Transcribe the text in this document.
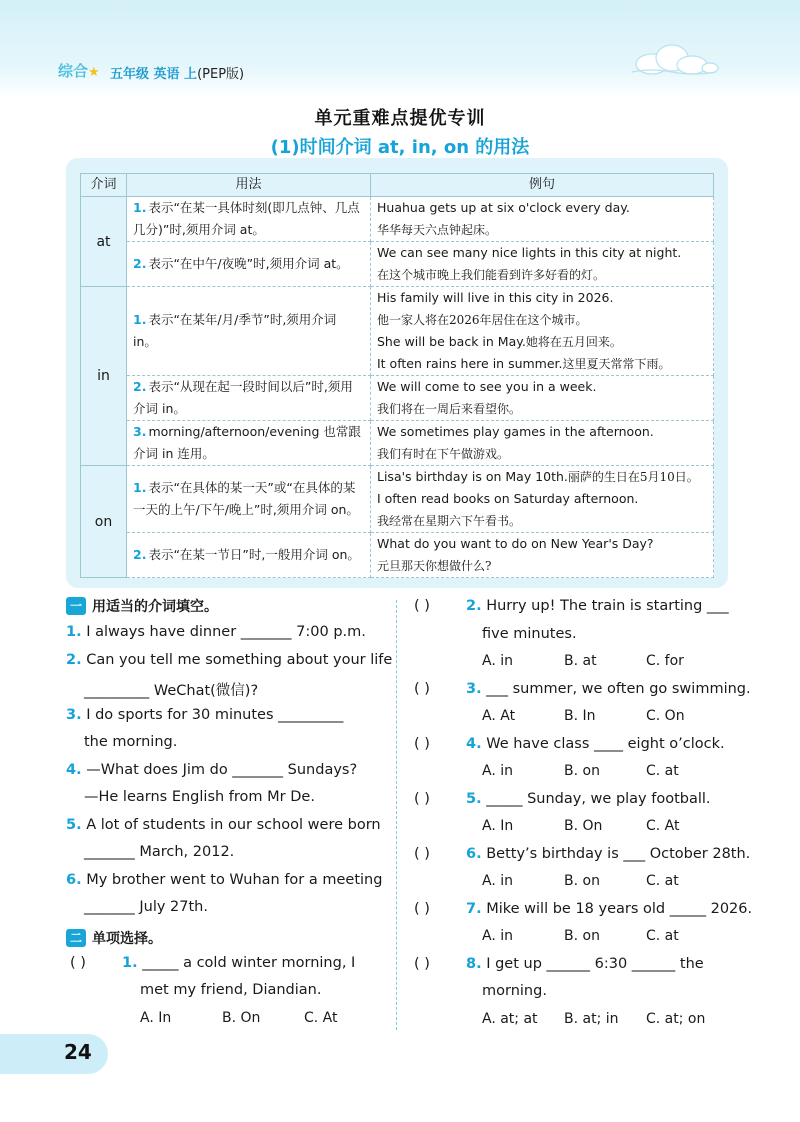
综合★ 五年级 英语 上(PEP版)
单元重难点提优专训
(1)时间介词 at, in, on 的用法
介词	用法	例句
at	1. 表示“在某一具体时刻(即几点钟、几点几分)”时,须用介词 at。	Huahua gets up at six o'clock every day.
华华每天六点钟起床。

	2. 表示“在中午/夜晚”时,须用介词 at。	We can see many nice lights in this city at night.
在这个城市晚上我们能看到许多好看的灯。

in	1. 表示“在某年/月/季节”时,须用介词 in。	His family will live in this city in 2026.
他一家人将在2026年居住在这个城市。
She will be back in May.她将在五月回来。
It often rains here in summer.这里夏天常常下雨。

	2. 表示“从现在起一段时间以后”时,须用介词 in。	We will come to see you in a week.
我们将在一周后来看望你。

	3. morning/afternoon/evening 也常跟介词 in 连用。	We sometimes play games in the afternoon.
我们有时在下午做游戏。

on	1. 表示“在具体的某一天”或“在具体的某一天的上午/下午/晚上”时,须用介词 on。	Lisa's birthday is on May 10th.丽萨的生日在5月10日。
I often read books on Saturday afternoon.
我经常在星期六下午看书。

	2. 表示“在某一节日”时,一般用介词 on。	What do you want to do on New Year's Day?
元旦那天你想做什么?
一 用适当的介词填空。
1. I always have dinner _______ 7:00 p.m.
2. Can you tell me something about your life
_________ WeChat(微信)?
3. I do sports for 30 minutes _________
the morning.
4. —What does Jim do _______ Sundays?
—He learns English from Mr De.
5. A lot of students in our school were born
_______ March, 2012.
6. My brother went to Wuhan for a meeting
_______ July 27th.
二 单项选择。
( ) 1. _____ a cold winter morning, I
met my friend, Diandian.
A. In	B. On	C. At
( ) 2. Hurry up! The train is starting ___
five minutes.
A. in	B. at	C. for
( ) 3. ___ summer, we often go swimming.
A. At	B. In	C. On
( ) 4. We have class ____ eight o’clock.
A. in	B. on	C. at
( ) 5. _____ Sunday, we play football.
A. In	B. On	C. At
( ) 6. Betty’s birthday is ___ October 28th.
A. in	B. on	C. at
( ) 7. Mike will be 18 years old _____ 2026.
A. in	B. on	C. at
( ) 8. I get up ______ 6:30 ______ the
morning.
A. at; at B. at; in C. at; on
24
